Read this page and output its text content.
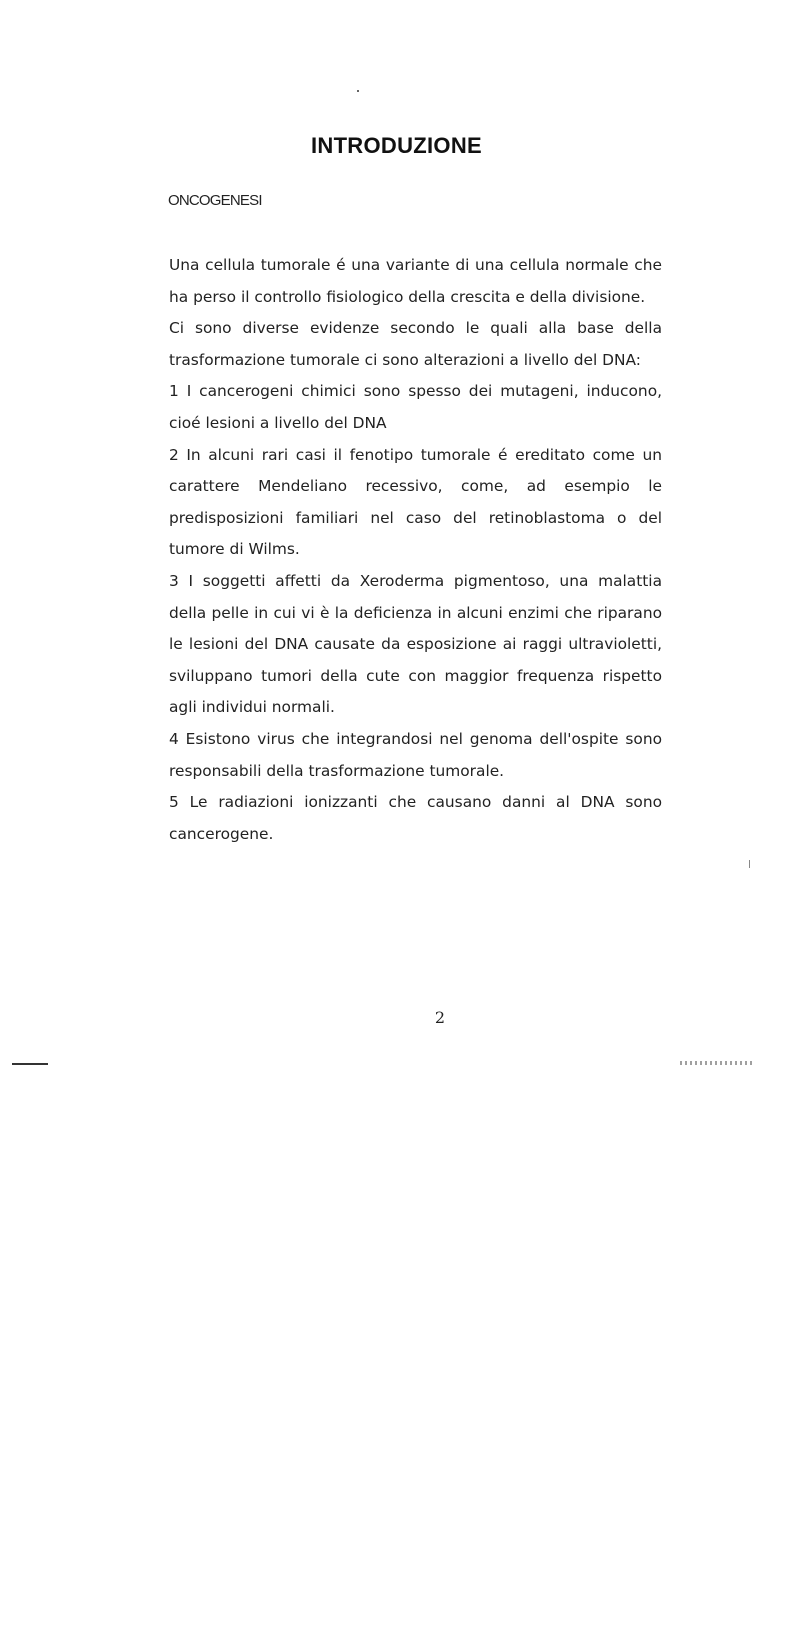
INTRODUZIONE
ONCOGENESI

Una cellula tumorale é una variante di una cellula normale che ha perso il controllo fisiologico della crescita e della divisione.

Ci sono diverse evidenze secondo le quali alla base della trasformazione tumorale ci sono alterazioni a livello del DNA:

1 I cancerogeni chimici sono spesso dei mutageni, inducono, cioé lesioni a livello del DNA

2 In alcuni rari casi il fenotipo tumorale é ereditato come un carattere Mendeliano recessivo, come, ad esempio le predisposizioni familiari nel caso del retinoblastoma o del tumore di Wilms.

3 I soggetti affetti da Xeroderma pigmentoso, una malattia della pelle in cui vi è la deficienza in alcuni enzimi che riparano le lesioni del DNA causate da esposizione ai raggi ultravioletti, sviluppano tumori della cute con maggior frequenza rispetto agli individui normali.

4 Esistono virus che integrandosi nel genoma dell'ospite sono responsabili della trasformazione tumorale.

5 Le radiazioni ionizzanti che causano danni al DNA sono cancerogene.

2
